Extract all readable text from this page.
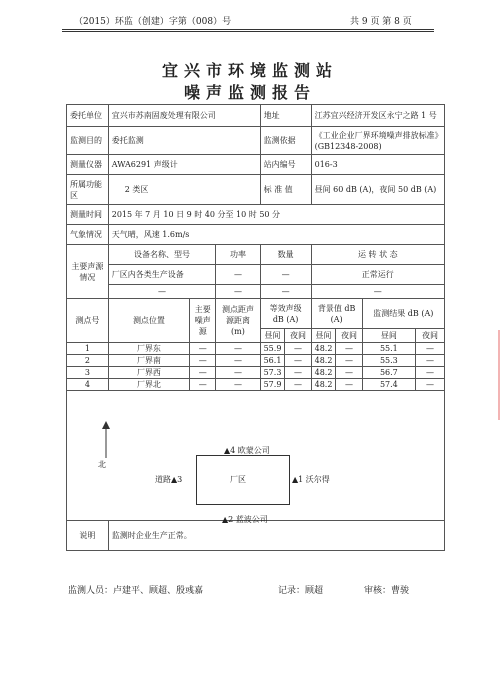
（2015）环监（创建）字第（008）号	共 9 页 第 8 页
宜兴市环境监测站
噪声监测报告
委托单位	宜兴市苏南固废处理有限公司			地址		江苏宜兴经济开发区永宁之路 1 号			
监测目的	委托监测			监测依据		《工业企业厂界环境噪声排放标准》(GB12348-2008)			
测量仪器	AWA6291 声级计			站内编号		016-3			
所属功能区	2 类区			标 准 值		昼间 60 dB (A)，夜间 50 dB (A)			
测量时间	2015 年 7 月 10 日 9 时 40 分至 10 时 50 分								
气象情况	天气晴，风速 1.6m/s								
主要声源情况	设备名称、型号		功率	数量		运 转 状 态			
	厂区内各类生产设备		—	—		正常运行			
	—		—	—		—			
测点号	测点位置	主要噪声源	测点距声源距离 (m)	等效声级 dB (A)		背景值 dB (A)		监测结果 dB (A)	
				昼间	夜间	昼间	夜间	昼间	夜间
1	厂界东	—	—	55.9	—	48.2	—	55.1	—
2	厂界南	—	—	56.1	—	48.2	—	55.3	—
3	厂界西	—	—	57.3	—	48.2	—	56.7	—
4	厂界北	—	—	57.9	—	48.2	—	57.4	—

说明	监测时企业生产正常。								
北
厂区
▲4 欧蒙公司
▲1 沃尔得
道路▲3
▲2 蓝波公司
监测人员：卢建平、顾超、殷彧嘉	记录：顾超	审核：曹骏
